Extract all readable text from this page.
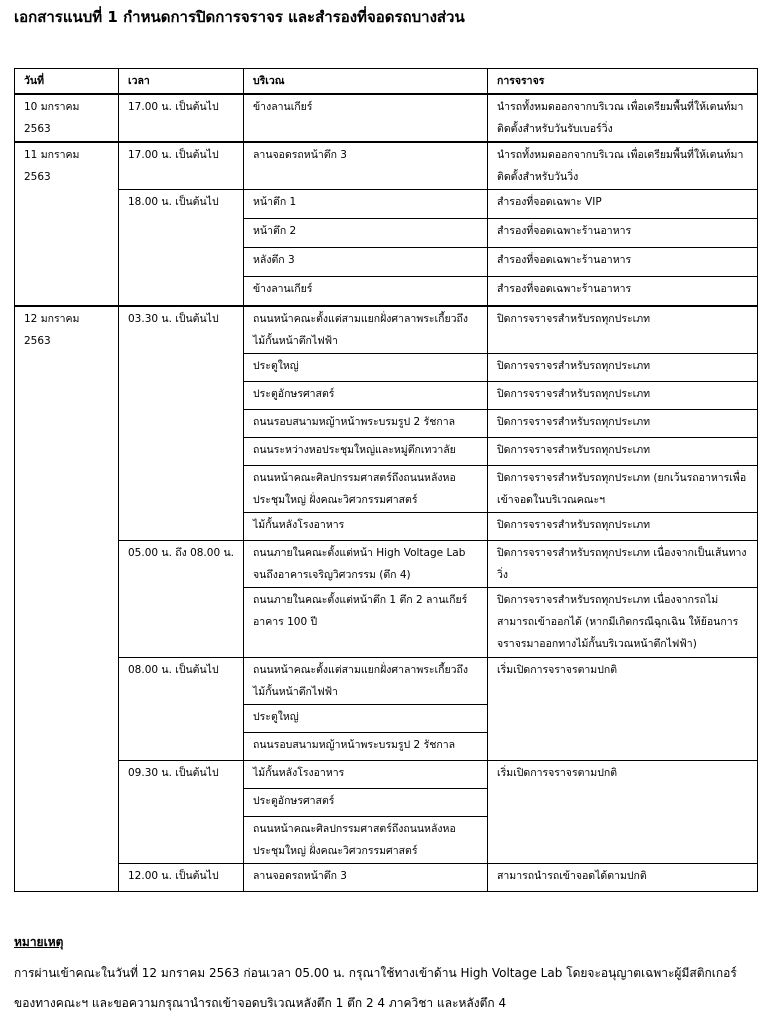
เอกสารแนบที่ 1 กำหนดการปิดการจราจร และสำรองที่จอดรถบางส่วน
วันที่	เวลา	บริเวณ	การจราจร
10 มกราคม 2563	17.00 น. เป็นต้นไป	ข้างลานเกียร์	นำรถทั้งหมดออกจากบริเวณ เพื่อเตรียมพื้นที่ให้เตนท์มาติดตั้งสำหรับวันรับเบอร์วิ่ง
11 มกราคม 2563	17.00 น. เป็นต้นไป	ลานจอดรถหน้าตึก 3	นำรถทั้งหมดออกจากบริเวณ เพื่อเตรียมพื้นที่ให้เตนท์มาติดตั้งสำหรับวันวิ่ง
	18.00 น. เป็นต้นไป	หน้าตึก 1	สำรองที่จอดเฉพาะ VIP
		หน้าตึก 2	สำรองที่จอดเฉพาะร้านอาหาร
		หลังตึก 3	สำรองที่จอดเฉพาะร้านอาหาร
		ข้างลานเกียร์	สำรองที่จอดเฉพาะร้านอาหาร
12 มกราคม 2563	03.30 น. เป็นต้นไป	ถนนหน้าคณะตั้งแต่สามแยกฝั่งศาลาพระเกี้ยวถึงไม้กั้นหน้าตึกไฟฟ้า	ปิดการจราจรสำหรับรถทุกประเภท
		ประตูใหญ่	ปิดการจราจรสำหรับรถทุกประเภท
		ประตูอักษรศาสตร์	ปิดการจราจรสำหรับรถทุกประเภท
		ถนนรอบสนามหญ้าหน้าพระบรมรูป 2 รัชกาล	ปิดการจราจรสำหรับรถทุกประเภท
		ถนนระหว่างหอประชุมใหญ่และหมู่ตึกเทวาลัย	ปิดการจราจรสำหรับรถทุกประเภท
		ถนนหน้าคณะศิลปกรรมศาสตร์ถึงถนนหลังหอประชุมใหญ่ ฝั่งคณะวิศวกรรมศาสตร์	ปิดการจราจรสำหรับรถทุกประเภท (ยกเว้นรถอาหารเพื่อเข้าจอดในบริเวณคณะฯ
		ไม้กั้นหลังโรงอาหาร	ปิดการจราจรสำหรับรถทุกประเภท
	05.00 น. ถึง 08.00 น.	ถนนภายในคณะตั้งแต่หน้า High Voltage Lab จนถึงอาคารเจริญวิศวกรรม (ตึก 4)	ปิดการจราจรสำหรับรถทุกประเภท เนื่องจากเป็นเส้นทางวิ่ง
		ถนนภายในคณะตั้งแต่หน้าตึก 1 ตึก 2 ลานเกียร์ อาคาร 100 ปี	ปิดการจราจรสำหรับรถทุกประเภท เนื่องจากรถไม่สามารถเข้าออกได้ (หากมีเกิดกรณีฉุกเฉิน ให้ย้อนการจราจรมาออกทางไม้กั้นบริเวณหน้าตึกไฟฟ้า)
	08.00 น. เป็นต้นไป	ถนนหน้าคณะตั้งแต่สามแยกฝั่งศาลาพระเกี้ยวถึงไม้กั้นหน้าตึกไฟฟ้า	เริ่มเปิดการจราจรตามปกติ
		ประตูใหญ่	
		ถนนรอบสนามหญ้าหน้าพระบรมรูป 2 รัชกาล	
	09.30 น. เป็นต้นไป	ไม้กั้นหลังโรงอาหาร	เริ่มเปิดการจราจรตามปกติ
		ประตูอักษรศาสตร์	
		ถนนหน้าคณะศิลปกรรมศาสตร์ถึงถนนหลังหอประชุมใหญ่ ฝั่งคณะวิศวกรรมศาสตร์	
	12.00 น. เป็นต้นไป	ลานจอดรถหน้าตึก 3	สามารถนำรถเข้าจอดได้ตามปกติ
หมายเหตุ
การผ่านเข้าคณะในวันที่ 12 มกราคม 2563 ก่อนเวลา 05.00 น. กรุณาใช้ทางเข้าด้าน High Voltage Lab โดยจะอนุญาตเฉพาะผู้มีสติกเกอร์ของทางคณะฯ และขอความกรุณานำรถเข้าจอดบริเวณหลังตึก 1 ตึก 2 4 ภาควิชา และหลังตึก 4
